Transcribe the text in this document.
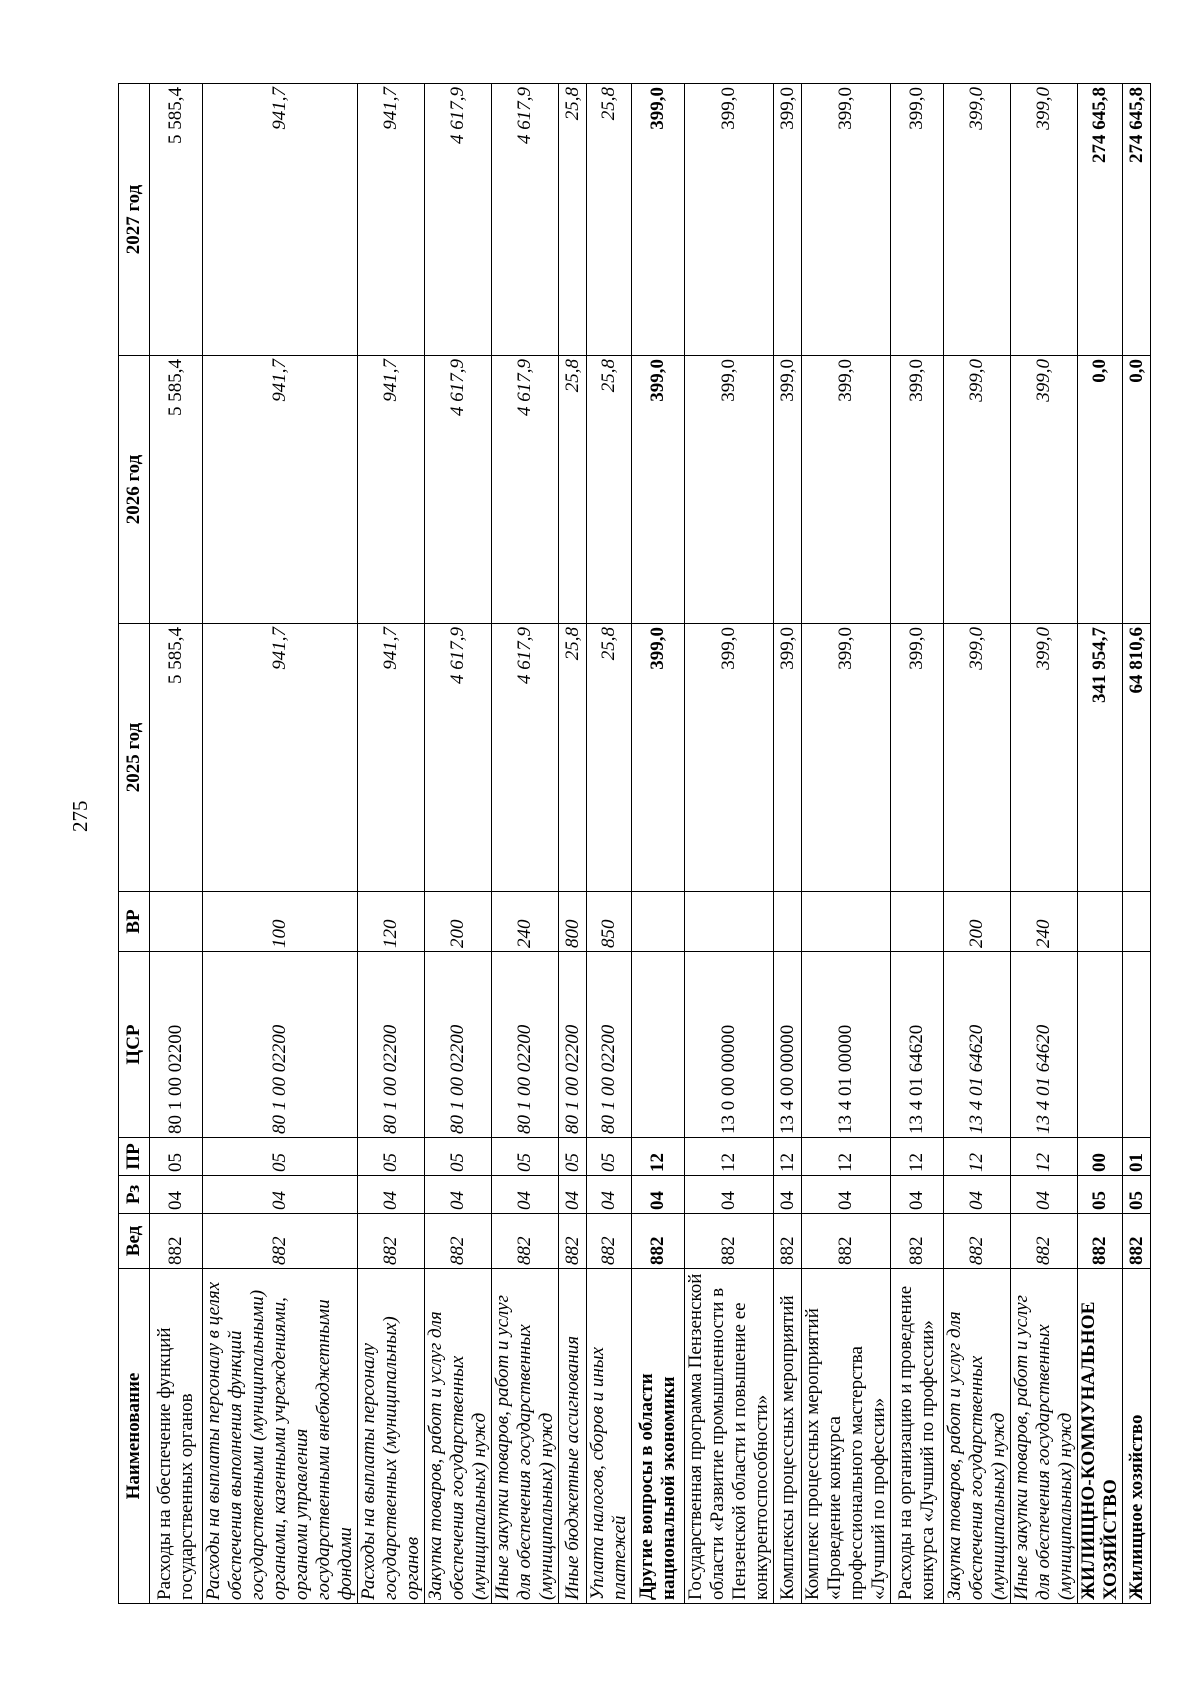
275
Наименование	Вед	Рз	ПР	ЦСР	ВР	2025 год	2026 год	2027 год
Расходы на обеспечение функций государственных органов	882	04	05	80 1 00 02200		5 585,4	5 585,4	5 585,4
Расходы на выплаты персоналу в целях обеспечения выполнения функций государственными (муниципальными) органами, казенными учреждениями, органами управления государственными внебюджетными фондами	882	04	05	80 1 00 02200	100	941,7	941,7	941,7
Расходы на выплаты персоналу государственных (муниципальных) органов	882	04	05	80 1 00 02200	120	941,7	941,7	941,7
Закупка товаров, работ и услуг для обеспечения государственных (муниципальных) нужд	882	04	05	80 1 00 02200	200	4 617,9	4 617,9	4 617,9
Иные закупки товаров, работ и услуг для обеспечения государственных (муниципальных) нужд	882	04	05	80 1 00 02200	240	4 617,9	4 617,9	4 617,9
Иные бюджетные ассигнования	882	04	05	80 1 00 02200	800	25,8	25,8	25,8
Уплата налогов, сборов и иных платежей	882	04	05	80 1 00 02200	850	25,8	25,8	25,8
Другие вопросы в области национальной экономики	882	04	12			399,0	399,0	399,0
Государственная программа Пензенской области «Развитие промышленности в Пензенской области и повышение ее конкурентоспособности»	882	04	12	13 0 00 00000		399,0	399,0	399,0
Комплексы процессных мероприятий	882	04	12	13 4 00 00000		399,0	399,0	399,0
Комплекс процессных мероприятий «Проведение конкурса профессионального мастерства «Лучший по профессии»	882	04	12	13 4 01 00000		399,0	399,0	399,0
Расходы на организацию и проведение конкурса «Лучший по профессии»	882	04	12	13 4 01 64620		399,0	399,0	399,0
Закупка товаров, работ и услуг для обеспечения государственных (муниципальных) нужд	882	04	12	13 4 01 64620	200	399,0	399,0	399,0
Иные закупки товаров, работ и услуг для обеспечения государственных (муниципальных) нужд	882	04	12	13 4 01 64620	240	399,0	399,0	399,0
ЖИЛИЩНО-КОММУНАЛЬНОЕ ХОЗЯЙСТВО	882	05	00			341 954,7	0,0	274 645,8
Жилищное хозяйство	882	05	01			64 810,6	0,0	274 645,8
